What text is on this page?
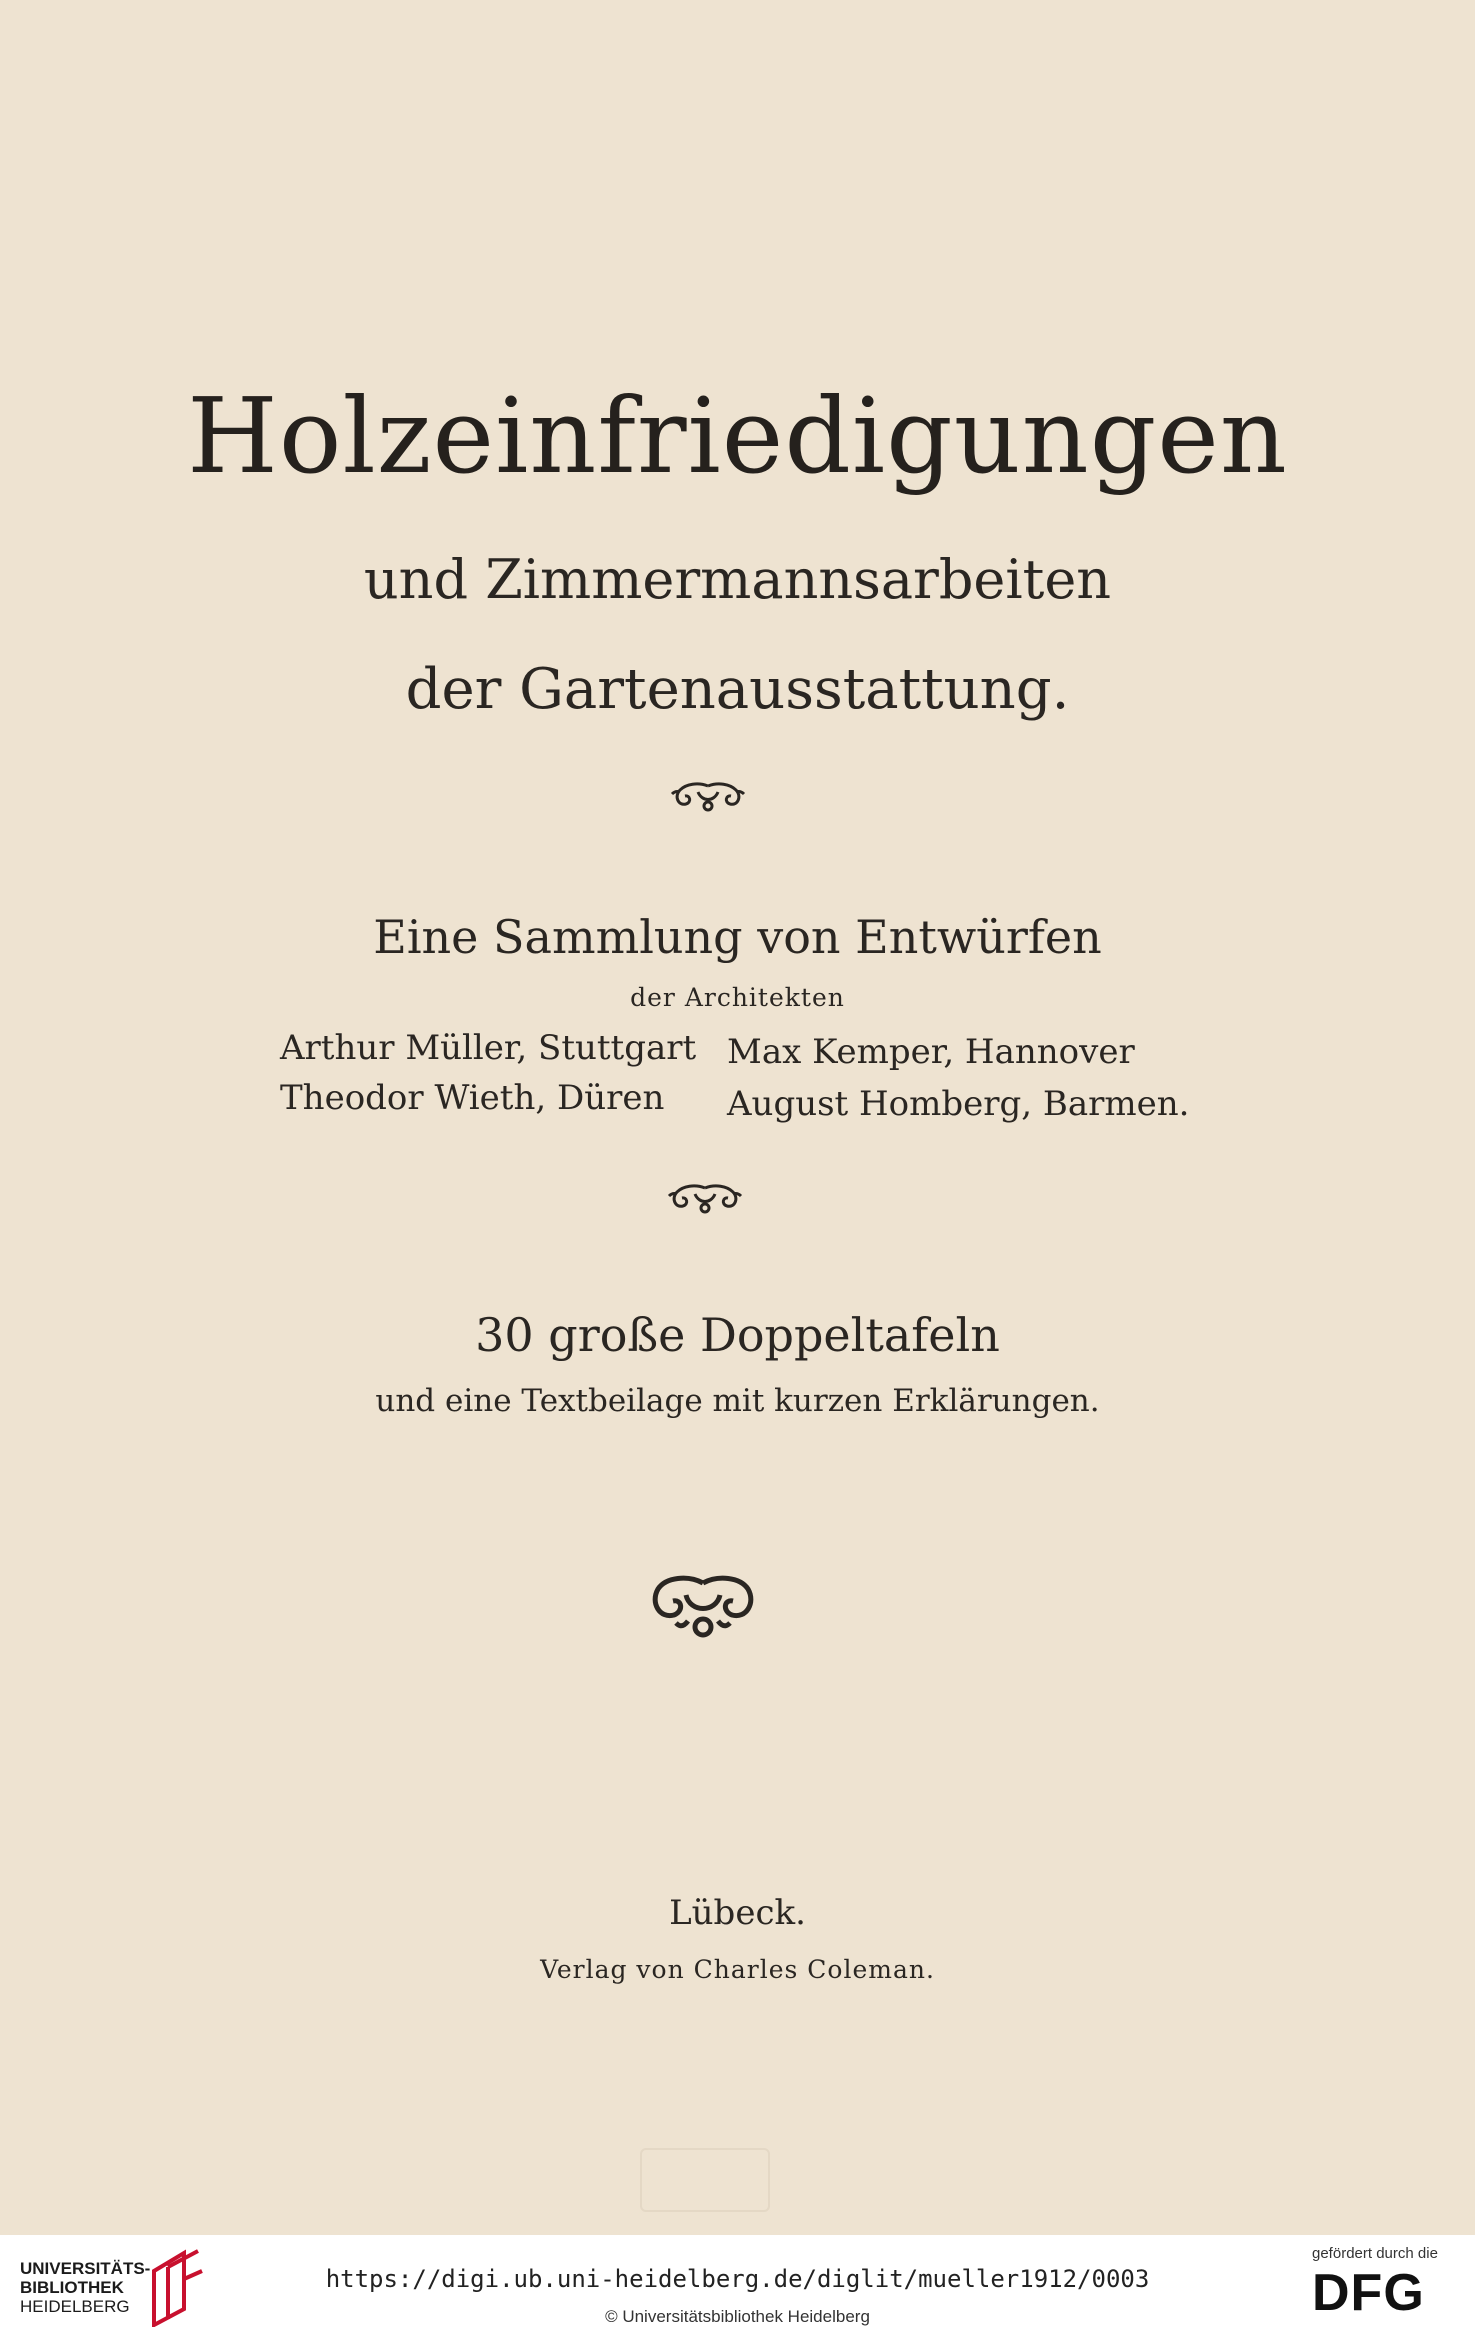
Holzeinfriedigungen
und Zimmermannsarbeiten
der Gartenausstattung.
Eine Sammlung von Entwürfen
der Architekten
Arthur Müller, Stuttgart Max Kemper, Hannover
Theodor Wieth, Düren August Homberg, Barmen.
30 große Doppeltafeln
und eine Textbeilage mit kurzen Erklärungen.
Lübeck.
Verlag von Charles Coleman.
UNIVERSITÄTS-
BIBLIOTHEK
HEIDELBERG
https://digi.ub.uni-heidelberg.de/diglit/mueller1912/0003
© Universitätsbibliothek Heidelberg
gefördert durch die
DFG
